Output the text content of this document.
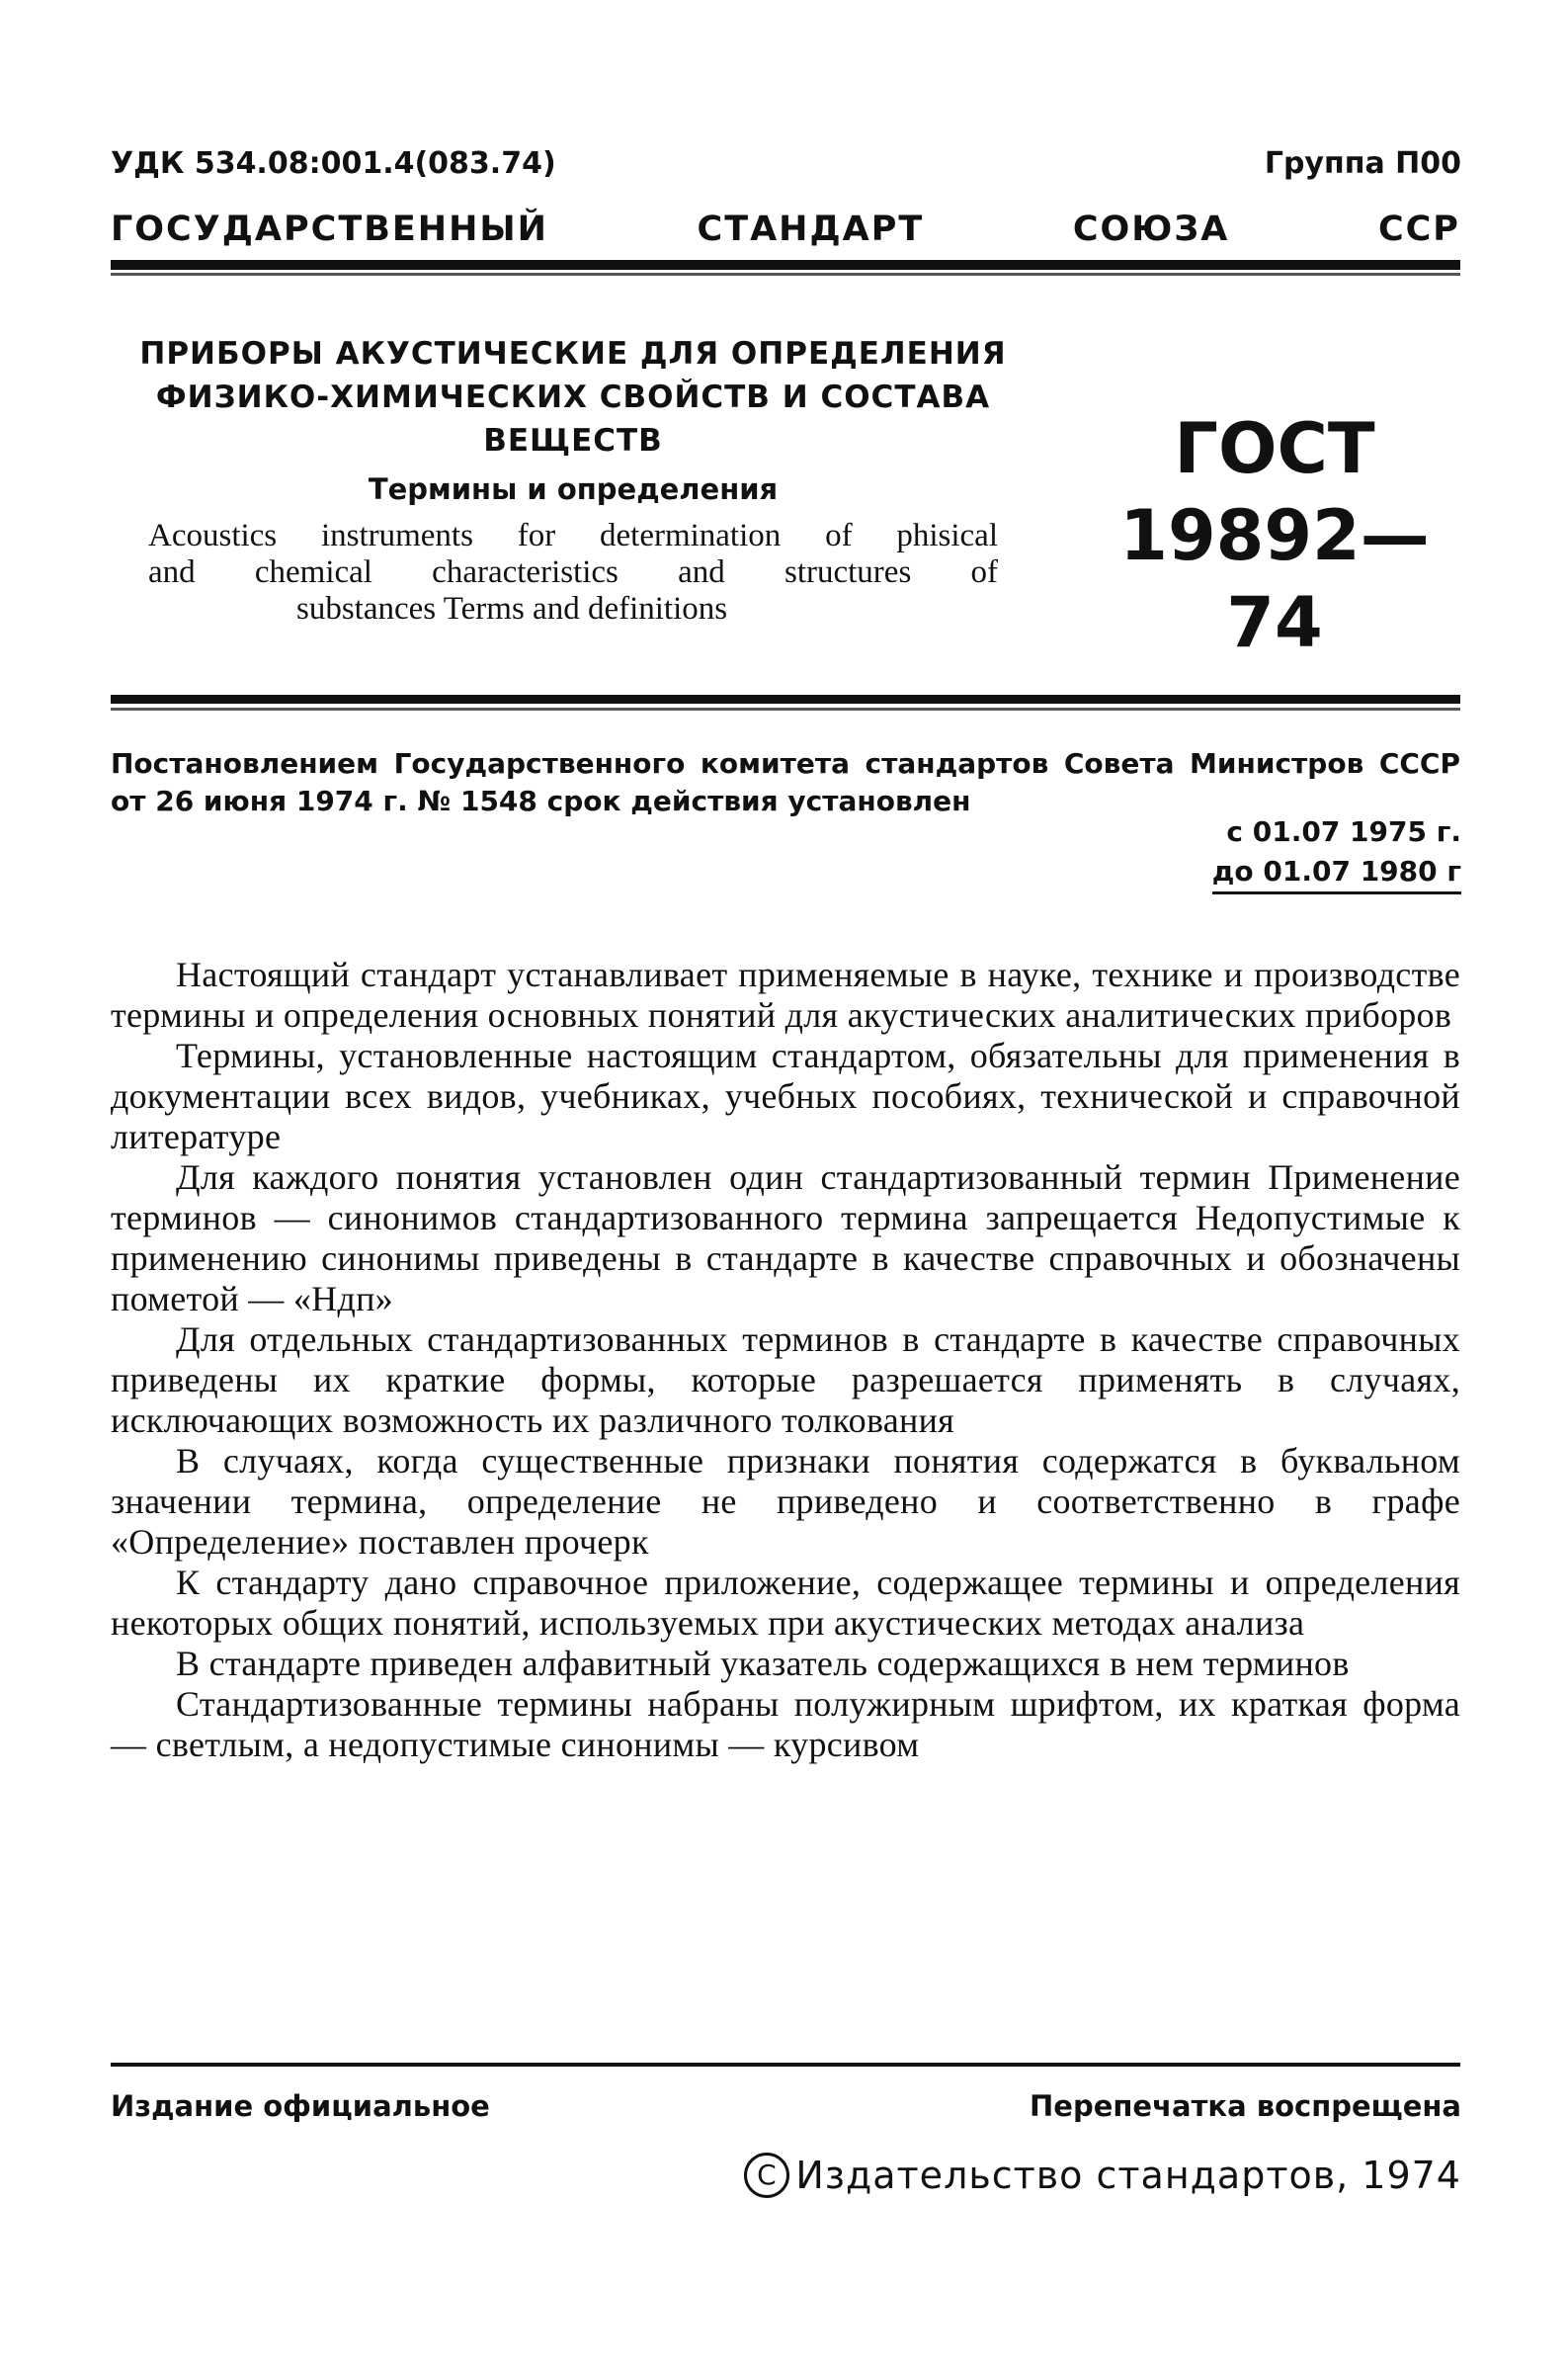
УДК 534.08:001.4(083.74)	Группа П00
ГОСУДАРСТВЕННЫЙ	СТАНДАРТ	СОЮЗА	ССР
ПРИБОРЫ АКУСТИЧЕСКИЕ ДЛЯ ОПРЕДЕЛЕНИЯ
ФИЗИКО-ХИМИЧЕСКИХ СВОЙСТВ И СОСТАВА
ВЕЩЕСТВ
Термины и определения
Acoustics instruments for determination of phisical
and chemical characteristics and structures of
substances Terms and definitions
ГОСТ
19892—74
Постановлением Государственного комитета стандартов Совета Министров СССР
от 26 июня 1974 г. № 1548 срок действия установлен
с 01.07 1975 г.
до 01.07 1980 г

Настоящий стандарт устанавливает применяемые в науке, технике и производстве термины и определения основных понятий для акустических аналитических приборов

Термины, установленные настоящим стандартом, обязательны для применения в документации всех видов, учебниках, учебных пособиях, технической и справочной литературе

Для каждого понятия установлен один стандартизованный термин Применение терминов — синонимов стандартизованного термина запрещается Недопустимые к применению синонимы приведены в стандарте в качестве справочных и обозначены пометой — «Ндп»

Для отдельных стандартизованных терминов в стандарте в качестве справочных приведены их краткие формы, которые разрешается применять в случаях, исключающих возможность их различного толкования

В случаях, когда существенные признаки понятия содержатся в буквальном значении термина, определение не приведено и соответственно в графе «Определение» поставлен прочерк

К стандарту дано справочное приложение, содержащее термины и определения некоторых общих понятий, используемых при акустических методах анализа

В стандарте приведен алфавитный указатель содержащихся в нем терминов

Стандартизованные термины набраны полужирным шрифтом, их краткая форма — светлым, а недопустимые синонимы — курсивом

Издание официальное	Перепечатка воспрещена
C Издательство стандартов, 1974
